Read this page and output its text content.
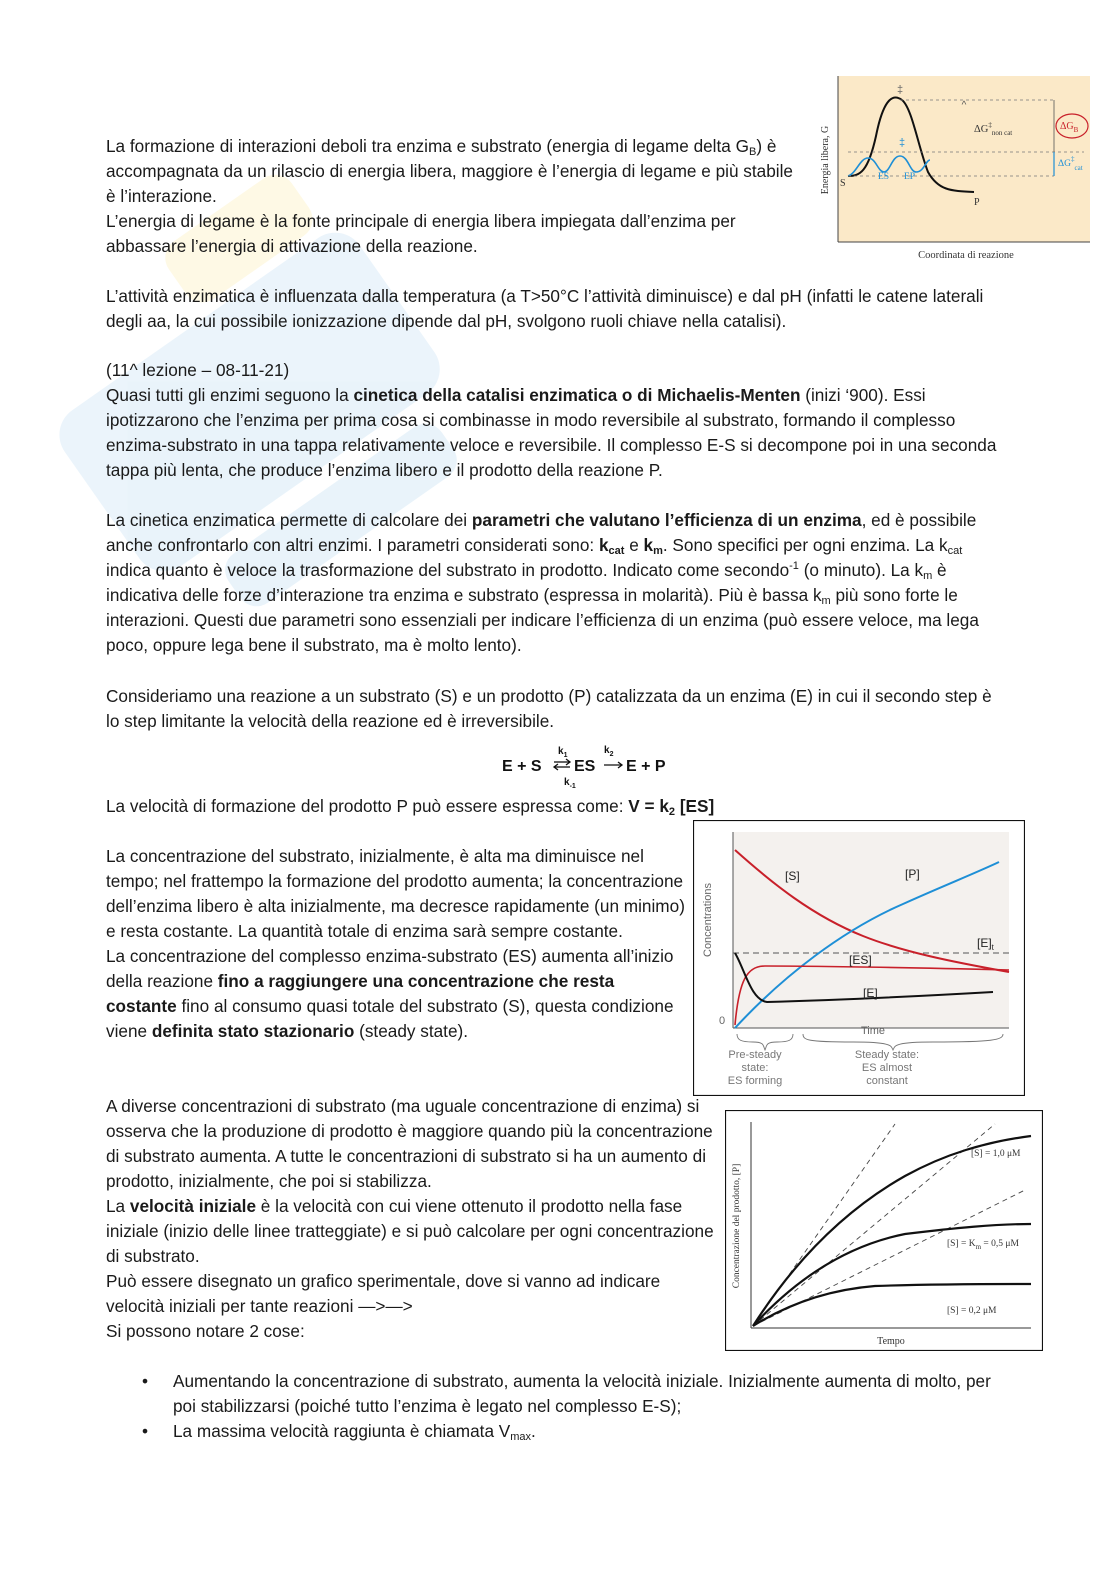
La formazione di interazioni deboli tra enzima e substrato (energia di legame delta $G_B$) è accompagnata da un rilascio di energia libera, maggiore è l’energia di legame e più stabile è l’interazione.
L’energia di legame è la fonte principale di energia libera impiegata dall’enzima per abbassare l’energia di attivazione della reazione.
Energia libera, G
Coordinata di reazione
‡
‡
^
S
P
ES EP
$\Delta G^\ddagger_{non cat}$
$\Delta G_B$
$\Delta G^\ddagger_{cat}$
L’attività enzimatica è influenzata dalla temperatura (a T>50°C l’attività diminuisce) e dal pH (infatti le catene laterali degli aa, la cui possibile ionizzazione dipende dal pH, svolgono ruoli chiave nella catalisi).
(11^ lezione – 08-11-21)
Quasi tutti gli enzimi seguono la cinetica della catalisi enzimatica o di Michaelis-Menten (inizi ‘900). Essi ipotizzarono che l’enzima per prima cosa si combinasse in modo reversibile al substrato, formando il complesso enzima-substrato in una tappa relativamente veloce e reversibile. Il complesso E-S si decompone poi in una seconda tappa più lenta, che produce l’enzima libero e il prodotto della reazione P.
La cinetica enzimatica permette di calcolare dei parametri che valutano l’efficienza di un enzima, ed è possibile anche confrontarlo con altri enzimi. I parametri considerati sono: $k_{cat}$ e $k_m$. Sono specifici per ogni enzima. La $k_{cat}$ indica quanto è veloce la trasformazione del substrato in prodotto. Indicato come secondo$^{-1}$ (o minuto). La $k_m$ è indicativa delle forze d’interazione tra enzima e substrato (espressa in molarità). Più è bassa $k_m$ più sono forte le interazioni. Questi due parametri sono essenziali per indicare l’efficienza di un enzima (può essere veloce, ma lega poco, oppure lega bene il substrato, ma è molto lento).
Consideriamo una reazione a un substrato (S) e un prodotto (P) catalizzata da un enzima (E) in cui il secondo step è lo step limitante la velocità della reazione ed è irreversibile.
E + S ES E + P
$k_1$
$k_{-1}$
$k_2$
La velocità di formazione del prodotto P può essere espressa come: $V = k_2$ [ES]
La concentrazione del substrato, inizialmente, è alta ma diminuisce nel tempo; nel frattempo la formazione del prodotto aumenta; la concentrazione dell’enzima libero è alta inizialmente, ma decresce rapidamente (un minimo) e resta costante. La quantità totale di enzima sarà sempre costante.
La concentrazione del complesso enzima-substrato (ES) aumenta all’inizio della reazione fino a raggiungere una concentrazione che resta costante fino al consumo quasi totale del substrato (S), questa condizione viene definita stato stazionario (steady state).
Concentrations
[S]	[P]
$[E]_t$
[ES]
[E]
0
Time
Pre-steady
state:
ES forming
Steady state:
ES almost
constant
A diverse concentrazioni di substrato (ma uguale concentrazione di enzima) si osserva che la produzione di prodotto è maggiore quando più la concentrazione di substrato aumenta. A tutte le concentrazioni di substrato si ha un aumento di prodotto, inizialmente, che poi si stabilizza.
La velocità iniziale è la velocità con cui viene ottenuto il prodotto nella fase iniziale (inizio delle linee tratteggiate) e si può calcolare per ogni concentrazione di substrato.
Può essere disegnato un grafico sperimentale, dove si vanno ad indicare velocità iniziali per tante reazioni —>—>
Si possono notare 2 cose:
Concentrazione del prodotto, [P]
Tempo
[S] = 1,0 μM
$[S] = K_m = 0,5$ μM
[S] = 0,2 μM
• Aumentando la concentrazione di substrato, aumenta la velocità iniziale. Inizialmente aumenta di molto, per poi stabilizzarsi (poiché tutto l’enzima è legato nel complesso E-S);
• La massima velocità raggiunta è chiamata $V_{max}$.
